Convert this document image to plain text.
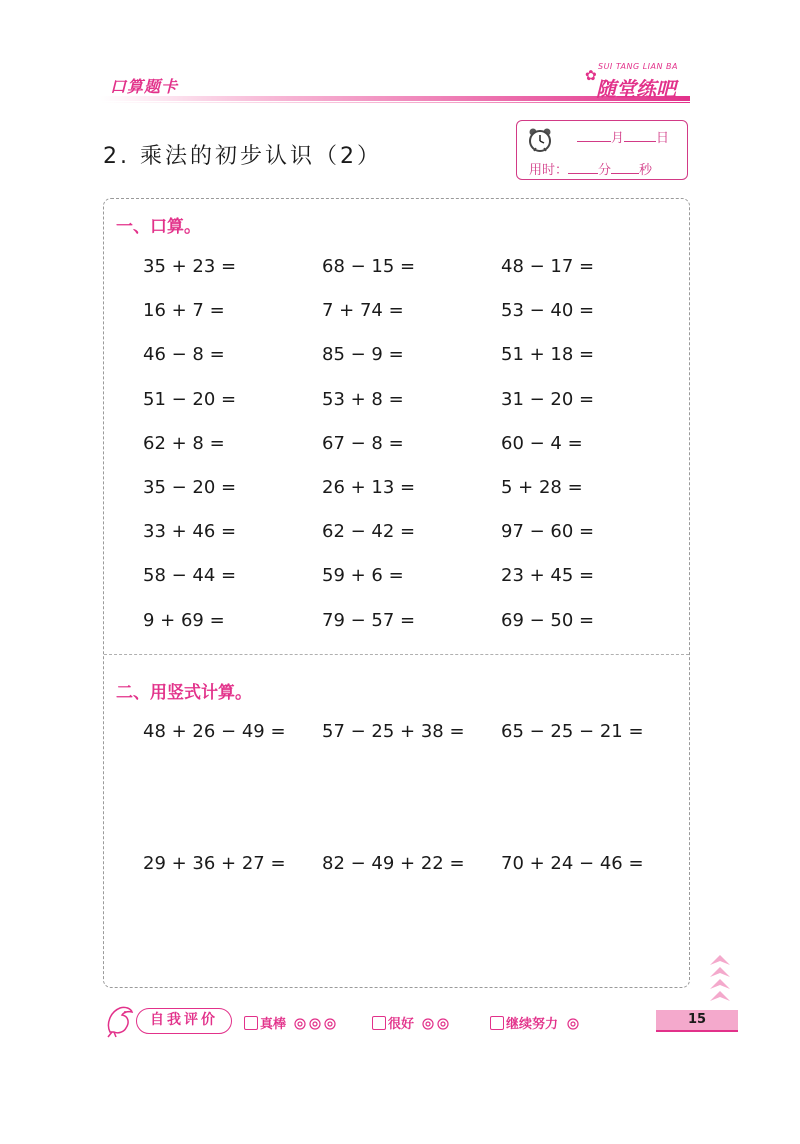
口算题卡
✿
SUI TANG LIAN BA
随堂练吧
2. 乘法的初步认识（2）
月 日
用时： 分 秒
一、口算。
35 + 23 =	68 − 15 =	48 − 17 =
16 + 7 =	7 + 74 =	53 − 40 =
46 − 8 =	85 − 9 =	51 + 18 =
51 − 20 =	53 + 8 =	31 − 20 =
62 + 8 =	67 − 8 =	60 − 4 =
35 − 20 =	26 + 13 =	5 + 28 =
33 + 46 =	62 − 42 =	97 − 60 =
58 − 44 =	59 + 6 =	23 + 45 =
9 + 69 =	79 − 57 =	69 − 50 =
二、用竖式计算。
48 + 26 − 49 = 57 − 25 + 38 = 65 − 25 − 21 =
29 + 36 + 27 = 82 − 49 + 22 = 70 + 24 − 46 =
自我评价	真棒	很好	继续努力	15
